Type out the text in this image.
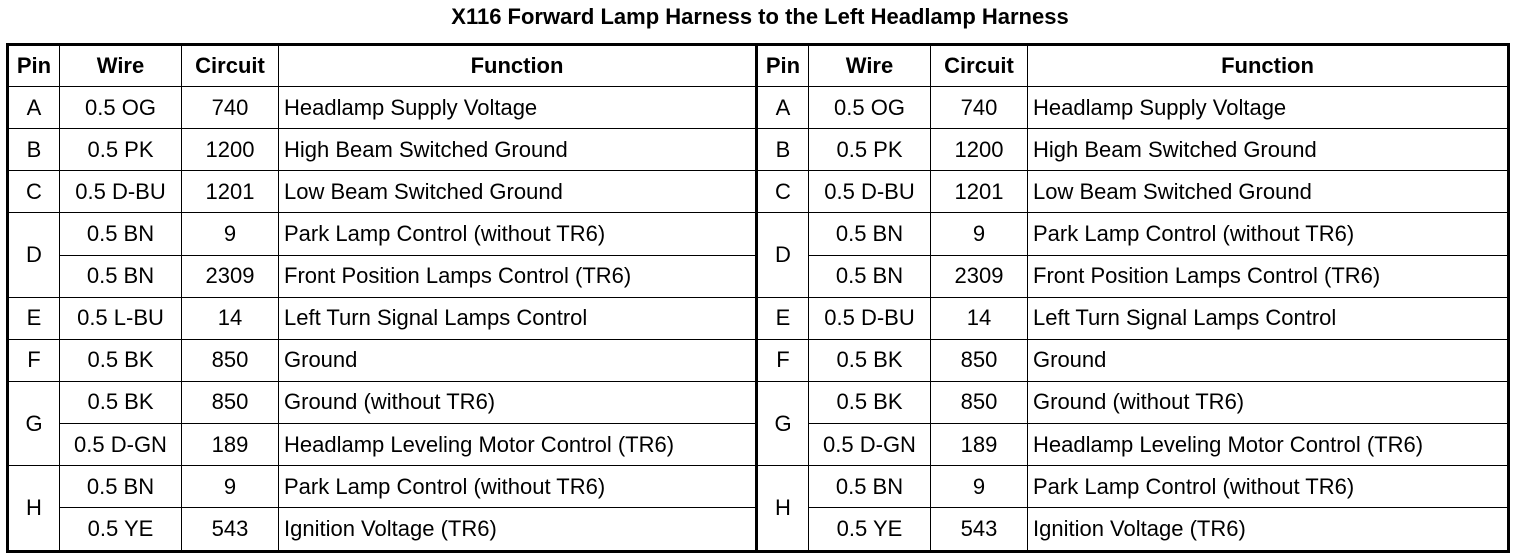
X116 Forward Lamp Harness to the Left Headlamp Harness
Pin	Wire	Circuit	Function	Pin	Wire	Circuit	Function
A	0.5 OG	740	Headlamp Supply Voltage	A	0.5 OG	740	Headlamp Supply Voltage
B	0.5 PK	1200	High Beam Switched Ground	B	0.5 PK	1200	High Beam Switched Ground
C	0.5 D-BU	1201	Low Beam Switched Ground	C	0.5 D-BU	1201	Low Beam Switched Ground
D	0.5 BN	9	Park Lamp Control (without TR6)	D	0.5 BN	9	Park Lamp Control (without TR6)
	0.5 BN	2309	Front Position Lamps Control (TR6)		0.5 BN	2309	Front Position Lamps Control (TR6)
E	0.5 L-BU	14	Left Turn Signal Lamps Control	E	0.5 D-BU	14	Left Turn Signal Lamps Control
F	0.5 BK	850	Ground	F	0.5 BK	850	Ground
G	0.5 BK	850	Ground (without TR6)	G	0.5 BK	850	Ground (without TR6)
	0.5 D-GN	189	Headlamp Leveling Motor Control (TR6)		0.5 D-GN	189	Headlamp Leveling Motor Control (TR6)
H	0.5 BN	9	Park Lamp Control (without TR6)	H	0.5 BN	9	Park Lamp Control (without TR6)
	0.5 YE	543	Ignition Voltage (TR6)		0.5 YE	543	Ignition Voltage (TR6)
